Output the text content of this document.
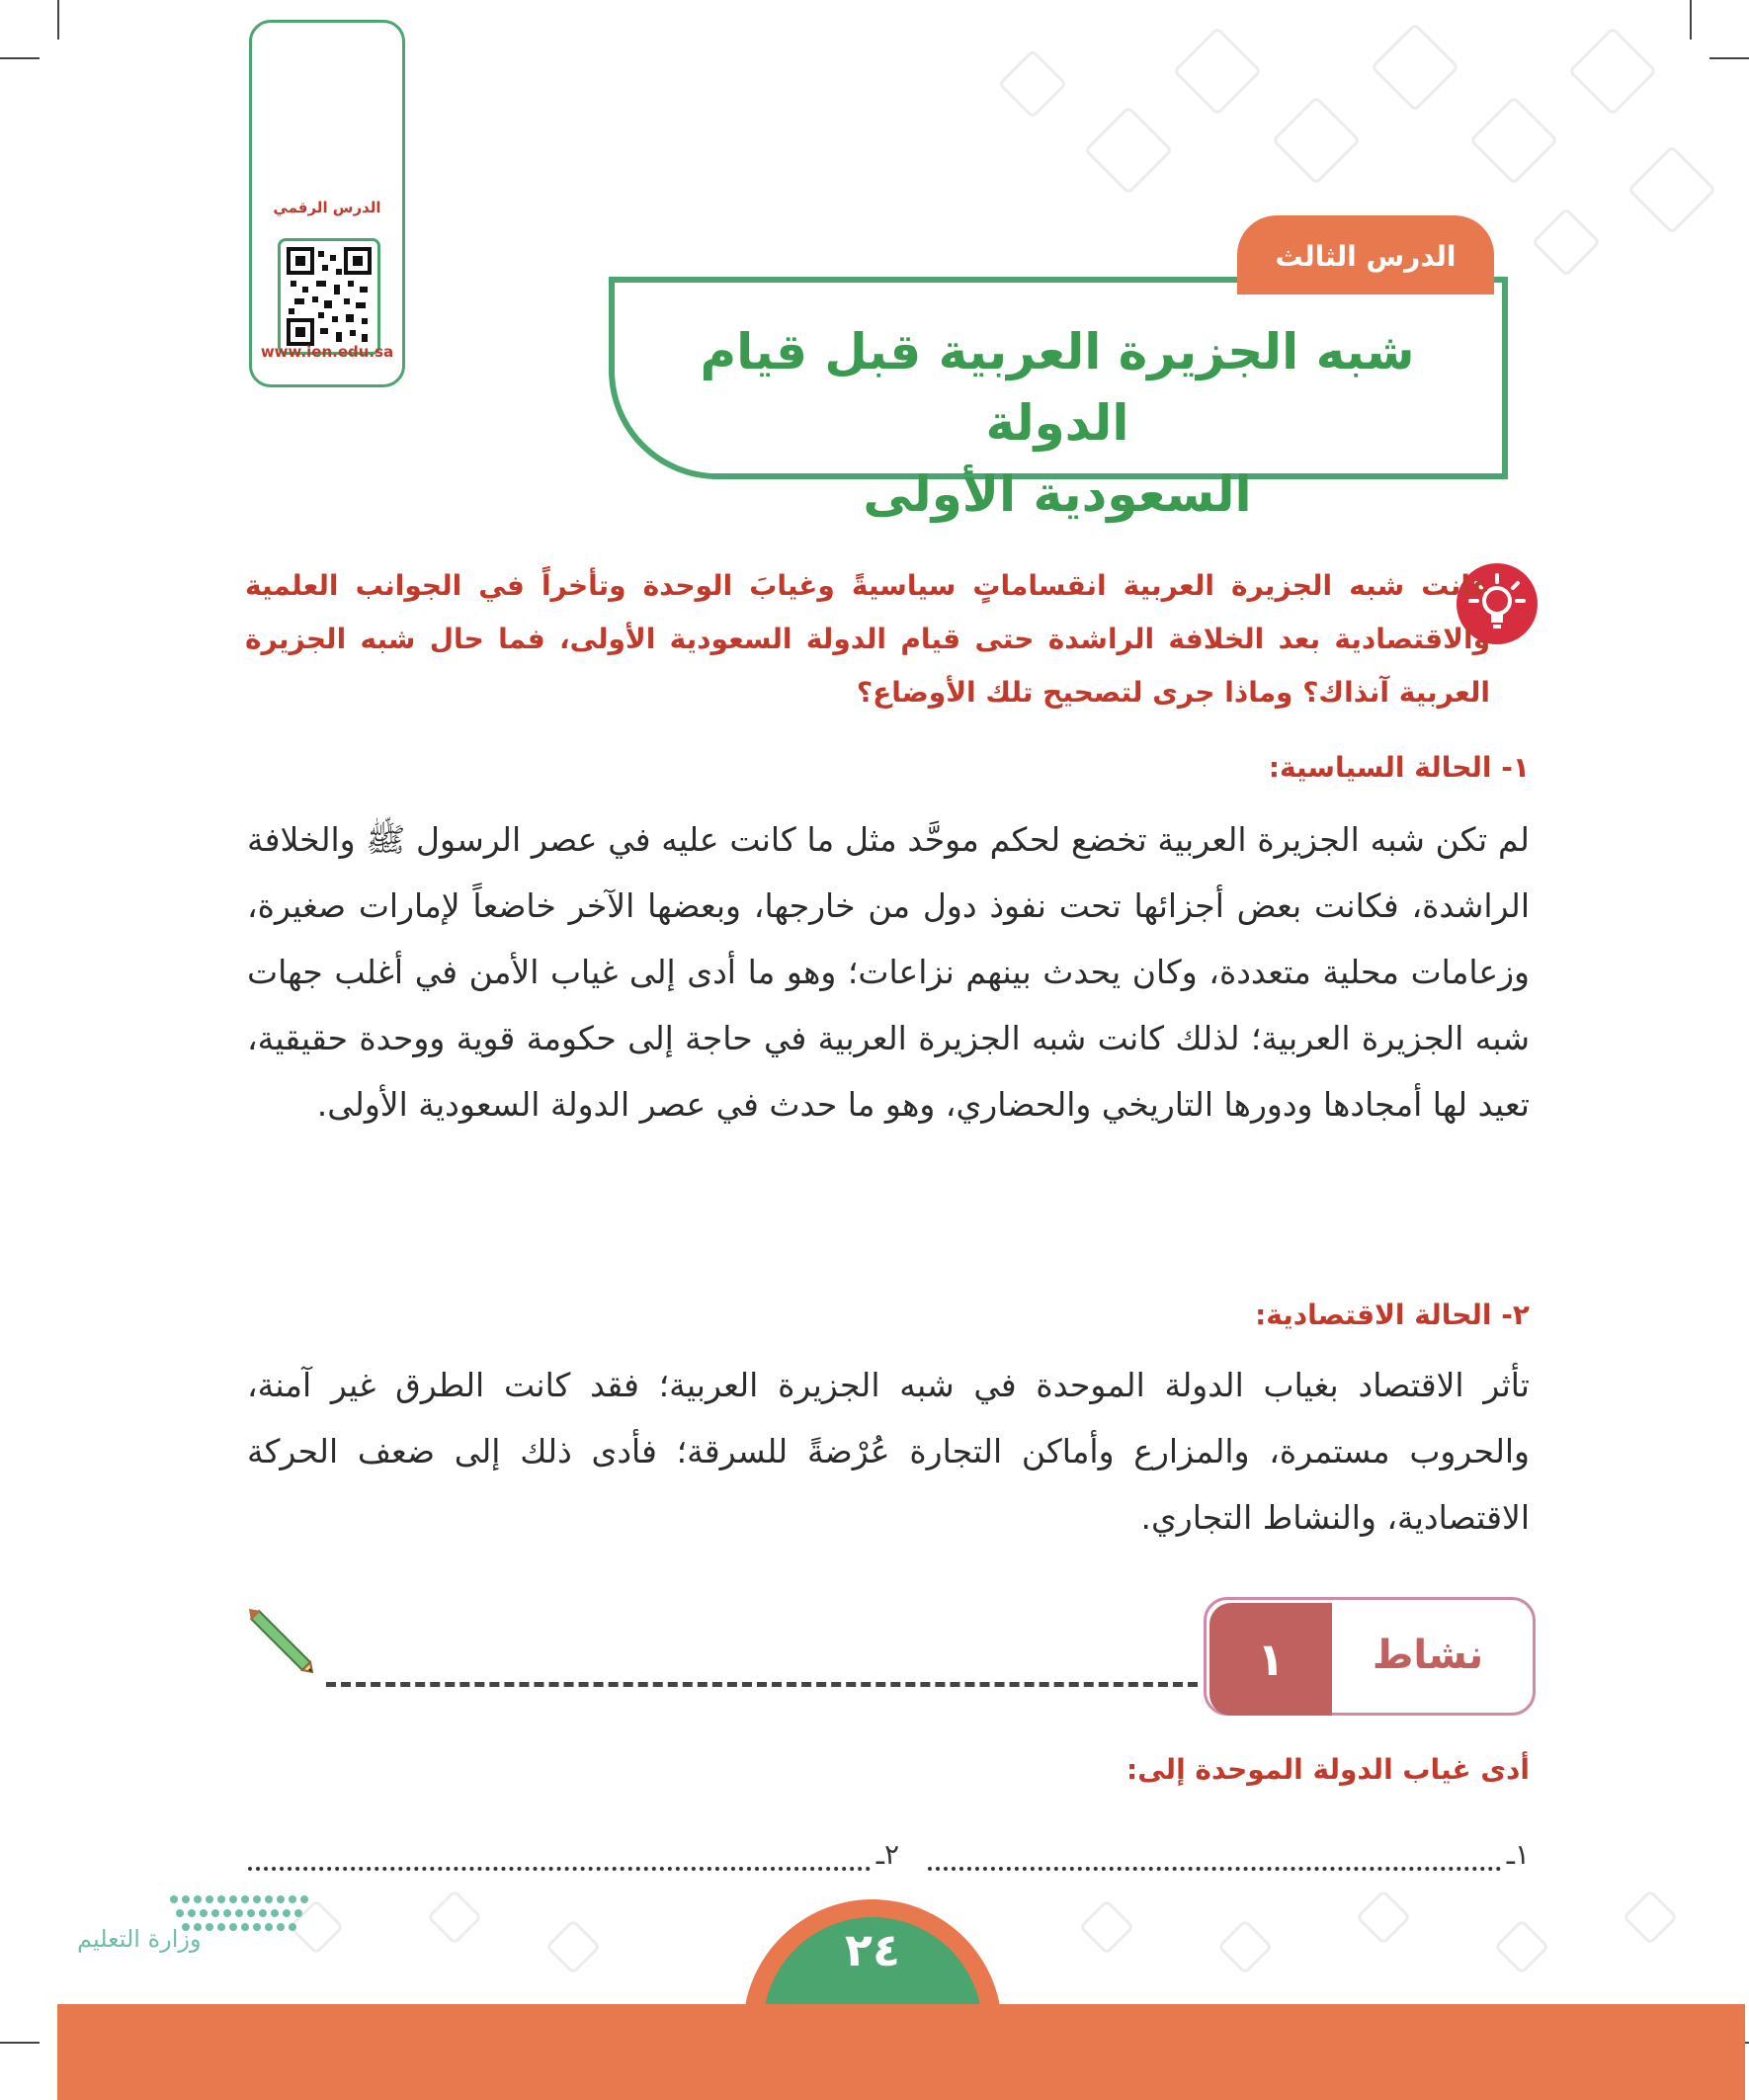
الدرس الرقمي
www.ien.edu.sa	شبه الجزيرة العربية قبل قيام الدولة
السعودية الأولى
الدرس الثالث
عانت شبه الجزيرة العربية انقساماتٍ سياسيةً وغيابَ الوحدة وتأخراً في الجوانب العلمية والاقتصادية بعد الخلافة الراشدة حتى قيام الدولة السعودية الأولى، فما حال شبه الجزيرة العربية آنذاك؟ وماذا جرى لتصحيح تلك الأوضاع؟
١- الحالة السياسية:
لم تكن شبه الجزيرة العربية تخضع لحكم موحَّد مثل ما كانت عليه في عصر الرسول ﷺ والخلافة الراشدة، فكانت بعض أجزائها تحت نفوذ دول من خارجها، وبعضها الآخر خاضعاً لإمارات صغيرة، وزعامات محلية متعددة، وكان يحدث بينهم نزاعات؛ وهو ما أدى إلى غياب الأمن في أغلب جهات شبه الجزيرة العربية؛ لذلك كانت شبه الجزيرة العربية في حاجة إلى حكومة قوية ووحدة حقيقية، تعيد لها أمجادها ودورها التاريخي والحضاري، وهو ما حدث في عصر الدولة السعودية الأولى.
٢- الحالة الاقتصادية:
تأثر الاقتصاد بغياب الدولة الموحدة في شبه الجزيرة العربية؛ فقد كانت الطرق غير آمنة، والحروب مستمرة، والمزارع وأماكن التجارة عُرْضةً للسرقة؛ فأدى ذلك إلى ضعف الحركة الاقتصادية، والنشاط التجاري.
١	نشاط
أدى غياب الدولة الموحدة إلى:
١ـ
٢ـ
٢٤
وزارة التعليم
